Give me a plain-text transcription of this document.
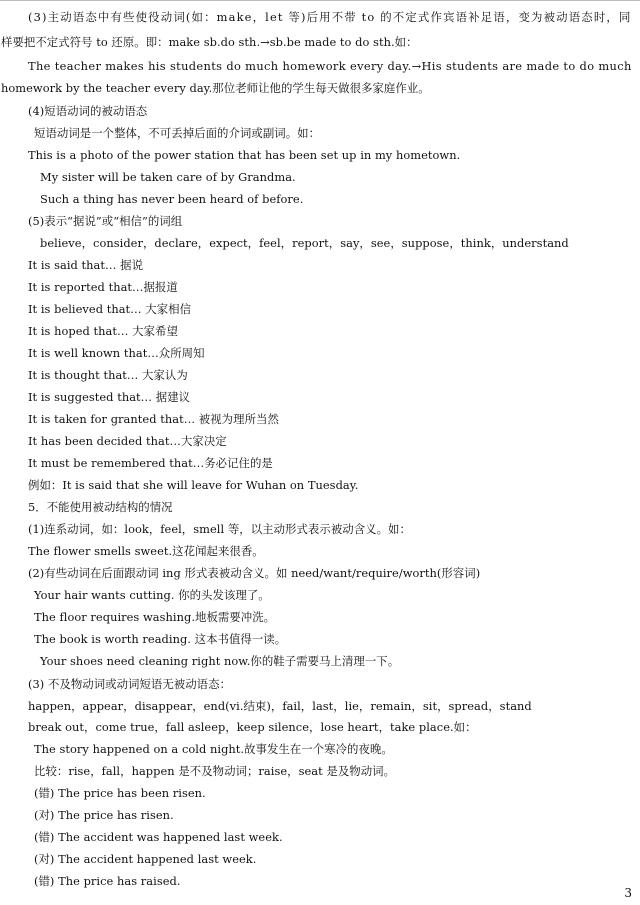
(3)主动语态中有些使役动词(如：make，let 等)后用不带 to 的不定式作宾语补足语，变为被动语态时，同
样要把不定式符号 to 还原。即：make sb.do sth.→sb.be made to do sth.如：
The teacher makes his students do much homework every day.→His students are made to do much
homework by the teacher every day.那位老师让他的学生每天做很多家庭作业。
(4)短语动词的被动语态
短语动词是一个整体，不可丢掉后面的介词或副词。如：
This is a photo of the power station that has been set up in my hometown.
My sister will be taken care of by Grandma.
Such a thing has never been heard of before.
(5)表示“据说”或“相信”的词组
believe，consider，declare，expect，feel，report，say，see，suppose，think，understand
It is said that… 据说
It is reported that…据报道
It is believed that… 大家相信
It is hoped that… 大家希望
It is well known that…众所周知
It is thought that… 大家认为
It is suggested that… 据建议
It is taken for granted that… 被视为理所当然
It has been decided that…大家决定
It must be remembered that…务必记住的是
例如：It is said that she will leave for Wuhan on Tuesday.
5．不能使用被动结构的情况
(1)连系动词，如：look，feel，smell 等，以主动形式表示被动含义。如：
The flower smells sweet.这花闻起来很香。
(2)有些动词在后面跟动词 ing 形式表被动含义。如 need/want/require/worth(形容词)
Your hair wants cutting. 你的头发该理了。
The floor requires washing.地板需要冲洗。
The book is worth reading. 这本书值得一读。
Your shoes need cleaning right now.你的鞋子需要马上清理一下。
(3) 不及物动词或动词短语无被动语态：
happen，appear，disappear，end(vi.结束)，fail，last，lie，remain，sit，spread，stand
break out，come true，fall asleep，keep silence，lose heart，take place.如：
The story happened on a cold night.故事发生在一个寒冷的夜晚。
比较：rise，fall，happen 是不及物动词；raise，seat 是及物动词。
(错) The price has been risen.
(对) The price has risen.
(错) The accident was happened last week.
(对) The accident happened last week.
(错) The price has raised.
3
